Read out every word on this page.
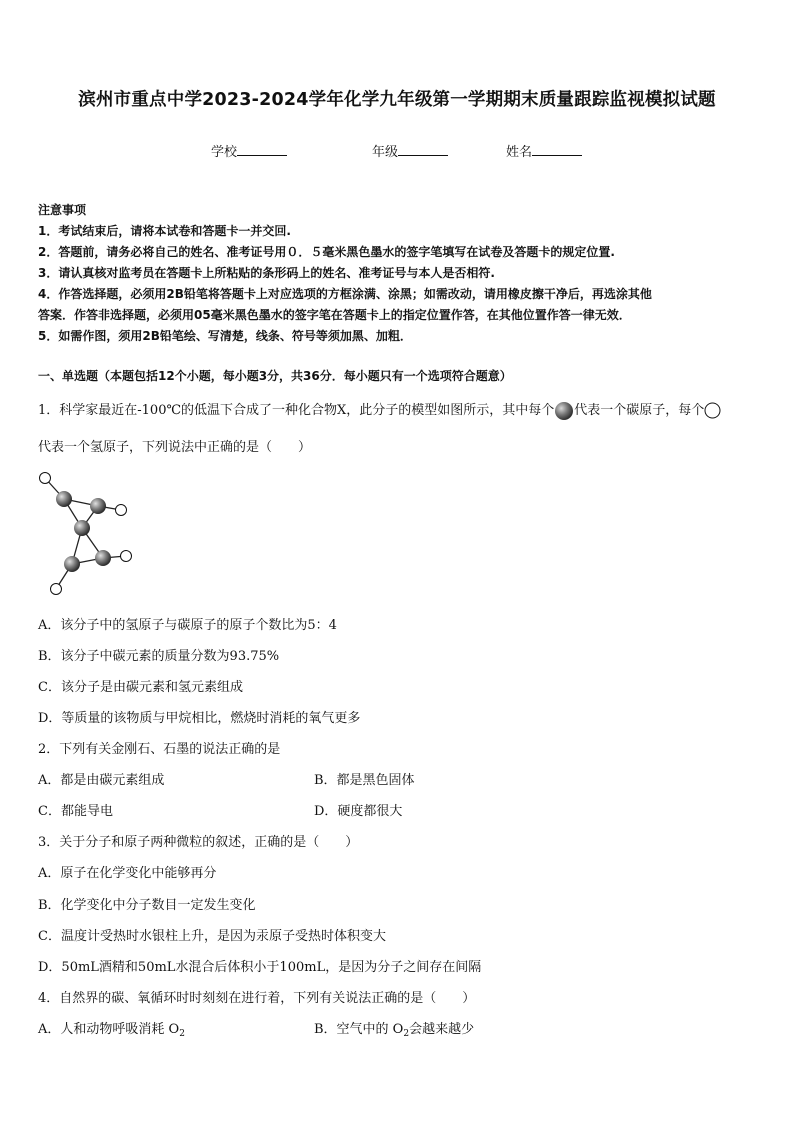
滨州市重点中学2023-2024学年化学九年级第一学期期末质量跟踪监视模拟试题
学校	年级	姓名
注意事项
1．考试结束后，请将本试卷和答题卡一并交回.
2．答题前，请务必将自己的姓名、准考证号用０．５毫米黑色墨水的签字笔填写在试卷及答题卡的规定位置.
3．请认真核对监考员在答题卡上所粘贴的条形码上的姓名、准考证号与本人是否相符.
4．作答选择题，必须用2B铅笔将答题卡上对应选项的方框涂满、涂黑；如需改动，请用橡皮擦干净后，再选涂其他
答案．作答非选择题，必须用05毫米黑色墨水的签字笔在答题卡上的指定位置作答，在其他位置作答一律无效．
5．如需作图，须用2B铅笔绘、写清楚，线条、符号等须加黑、加粗．
一、单选题（本题包括12个小题，每小题3分，共36分．每小题只有一个选项符合题意）
1．科学家最近在-100℃的低温下合成了一种化合物X，此分子的模型如图所示，其中每个 代表一个碳原子，每个
代表一个氢原子，下列说法中正确的是（　　）
A．该分子中的氢原子与碳原子的原子个数比为5：4
B．该分子中碳元素的质量分数为93.75%
C．该分子是由碳元素和氢元素组成
D．等质量的该物质与甲烷相比，燃烧时消耗的氧气更多
2．下列有关金刚石、石墨的说法正确的是
A．都是由碳元素组成	B．都是黑色固体
C．都能导电	D．硬度都很大
3．关于分子和原子两种微粒的叙述，正确的是（　　）
A．原子在化学变化中能够再分
B．化学变化中分子数目一定发生变化
C．温度计受热时水银柱上升，是因为汞原子受热时体积变大
D．50mL酒精和50mL水混合后体积小于100mL，是因为分子之间存在间隔
4．自然界的碳、氧循环时时刻刻在进行着，下列有关说法正确的是（　　）
A．人和动物呼吸消耗 $O_2$	B．空气中的 $O_2$会越来越少
